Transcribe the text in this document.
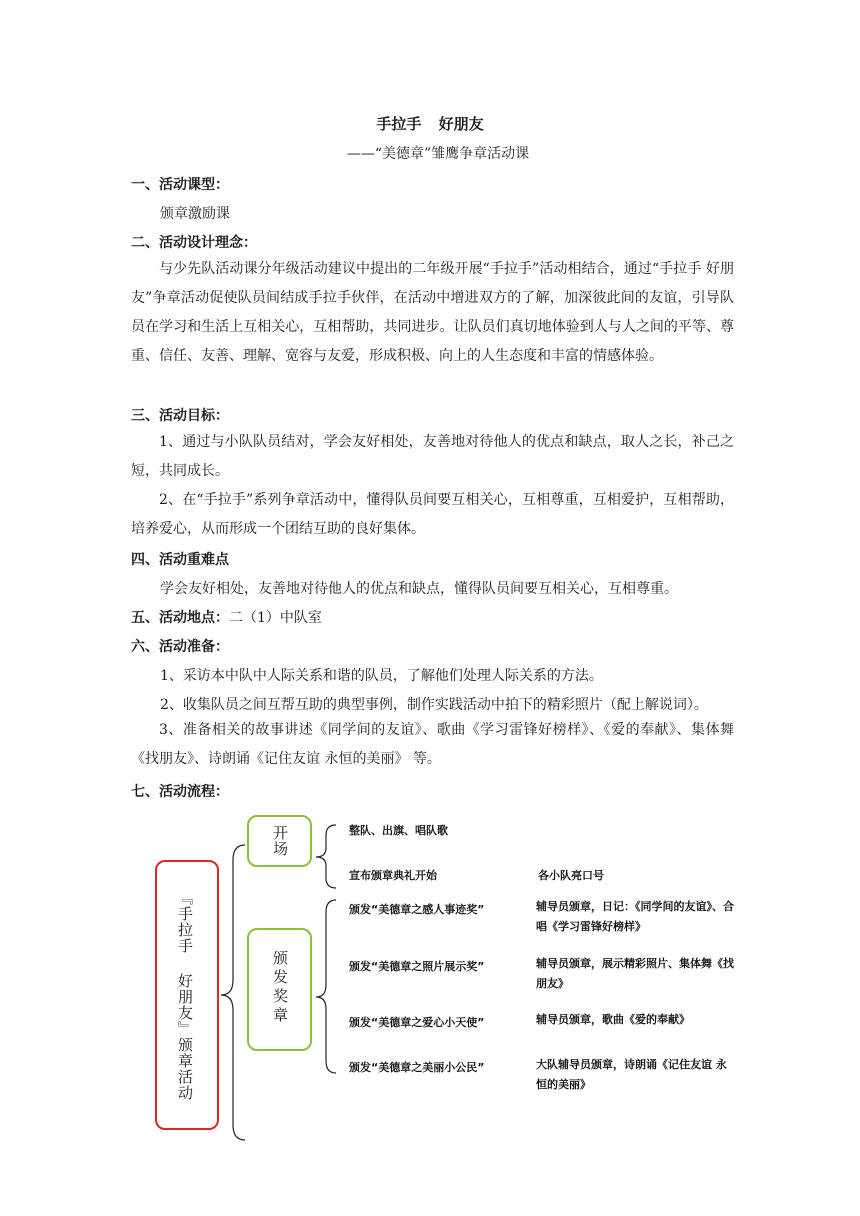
手拉手 好朋友
——“美德章”雏鹰争章活动课
一、活动课型：
颁章激励课
二、活动设计理念：
与少先队活动课分年级活动建议中提出的二年级开展“手拉手”活动相结合，通过“手拉手 好朋友”争章活动促使队员间结成手拉手伙伴，在活动中增进双方的了解，加深彼此间的友谊，引导队员在学习和生活上互相关心，互相帮助，共同进步。让队员们真切地体验到人与人之间的平等、尊重、信任、友善、理解、宽容与友爱，形成积极、向上的人生态度和丰富的情感体验。
三、活动目标：
1、通过与小队队员结对，学会友好相处，友善地对待他人的优点和缺点，取人之长，补己之短，共同成长。
2、在“手拉手”系列争章活动中，懂得队员间要互相关心，互相尊重，互相爱护，互相帮助，培养爱心，从而形成一个团结互助的良好集体。
四、活动重难点
学会友好相处，友善地对待他人的优点和缺点，懂得队员间要互相关心，互相尊重。
五、活动地点：二（1）中队室
六、活动准备：
1、采访本中队中人际关系和谐的队员，了解他们处理人际关系的方法。
2、收集队员之间互帮互助的典型事例，制作实践活动中拍下的精彩照片（配上解说词）。
3、准备相关的故事讲述《同学间的友谊》、歌曲《学习雷锋好榜样》、《爱的奉献》、集体舞《找朋友》、诗朗诵《记住友谊 永恒的美丽》 等。
七、活动流程：
『手拉手 好朋友』颁章活动
开场
颁发奖章
整队、出旗、唱队歌
宣布颁章典礼开始	各小队亮口号
颁发“美德章之感人事迹奖”	辅导员颁章，日记：《同学间的友谊》、合唱《学习雷锋好榜样》
颁发“美德章之照片展示奖”	辅导员颁章，展示精彩照片、集体舞《找朋友》
颁发“美德章之爱心小天使”	辅导员颁章，歌曲《爱的奉献》
颁发“美德章之美丽小公民”	大队辅导员颁章，诗朗诵《记住友谊 永恒的美丽》
